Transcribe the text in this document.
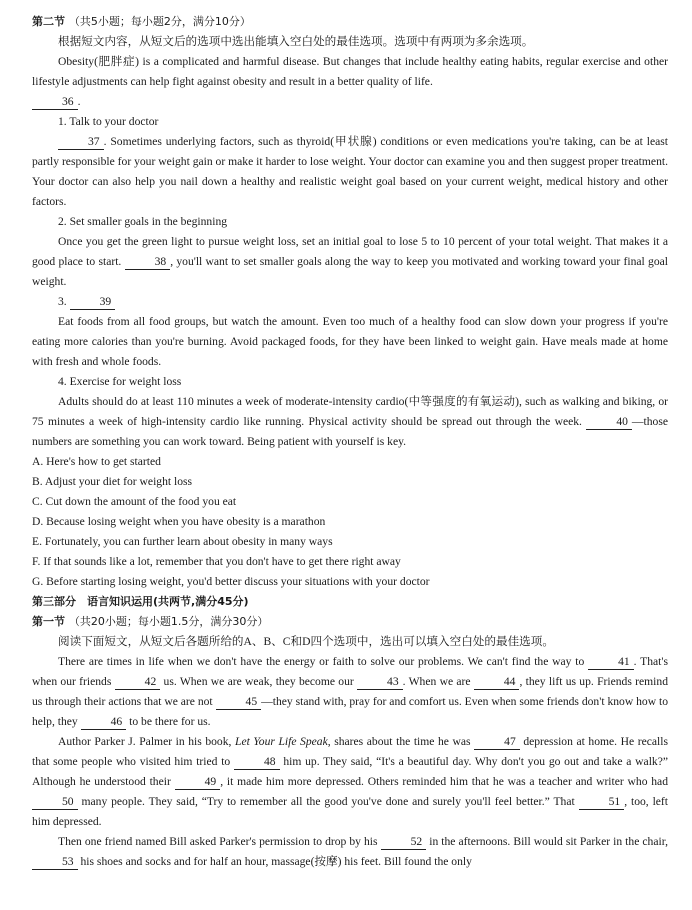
第二节 （共5小题；每小题2分，满分10分）

根据短文内容，从短文后的选项中选出能填入空白处的最佳选项。选项中有两项为多余选项。

Obesity(肥胖症) is a complicated and harmful disease. But changes that include healthy eating habits, regular exercise and other lifestyle adjustments can help fight against obesity and result in a better quality of life.
36 .

1. Talk to your doctor

37 . Sometimes underlying factors, such as thyroid(甲状腺) conditions or even medications you're taking, can be at least partly responsible for your weight gain or make it harder to lose weight. Your doctor can examine you and then suggest proper treatment. Your doctor can also help you nail down a healthy and realistic weight goal based on your current weight, medical history and other factors.

2. Set smaller goals in the beginning

Once you get the green light to pursue weight loss, set an initial goal to lose 5 to 10 percent of your total weight. That makes it a good place to start.	38 , you'll want to set smaller goals along the way to keep you motivated and working toward your final goal weight.

3.	39

Eat foods from all food groups, but watch the amount. Even too much of a healthy food can slow down your progress if you're eating more calories than you're burning. Avoid packaged foods, for they have been linked to weight gain. Have meals made at home with fresh and whole foods.

4. Exercise for weight loss

Adults should do at least 110 minutes a week of moderate-intensity cardio(中等强度的有氧运动), such as walking and biking, or 75 minutes a week of high-intensity cardio like running. Physical activity should be spread out through the week.	40 —those numbers are something you can work toward. Being patient with yourself is key.

A. Here's how to get started

B. Adjust your diet for weight loss

C. Cut down the amount of the food you eat

D. Because losing weight when you have obesity is a marathon

E. Fortunately, you can further learn about obesity in many ways

F. If that sounds like a lot, remember that you don't have to get there right away

G. Before starting losing weight, you'd better discuss your situations with your doctor

第三部分　语言知识运用(共两节,满分45分)

第一节 （共20小题；每小题1.5分，满分30分）

阅读下面短文，从短文后各题所给的A、B、C和D四个选项中，选出可以填入空白处的最佳选项。

There are times in life when we don't have the energy or faith to solve our problems. We can't find the way to	41 . That's when our friends	42 us. When we are weak, they become our	43 . When we are	44 , they lift us up. Friends remind us through their actions that we are not	45 —they stand with, pray for and comfort us. Even when some friends don't know how to help, they	46 to be there for us.

Author Parker J. Palmer in his book, Let Your Life Speak, shares about the time he was	47 depression at home. He recalls that some people who visited him tried to	48 him up. They said, “It's a beautiful day. Why don't you go out and take a walk?” Although he understood their	49 , it made him more depressed. Others reminded him that he was a teacher and writer who had 50 many people. They said, “Try to remember all the good you've done and surely you'll feel better.” That	51 , too, left him depressed.

Then one friend named Bill asked Parker's permission to drop by his	52 in the afternoons. Bill would sit Parker in the chair, 53 his shoes and socks and for half an hour, massage(按摩) his feet. Bill found the only
